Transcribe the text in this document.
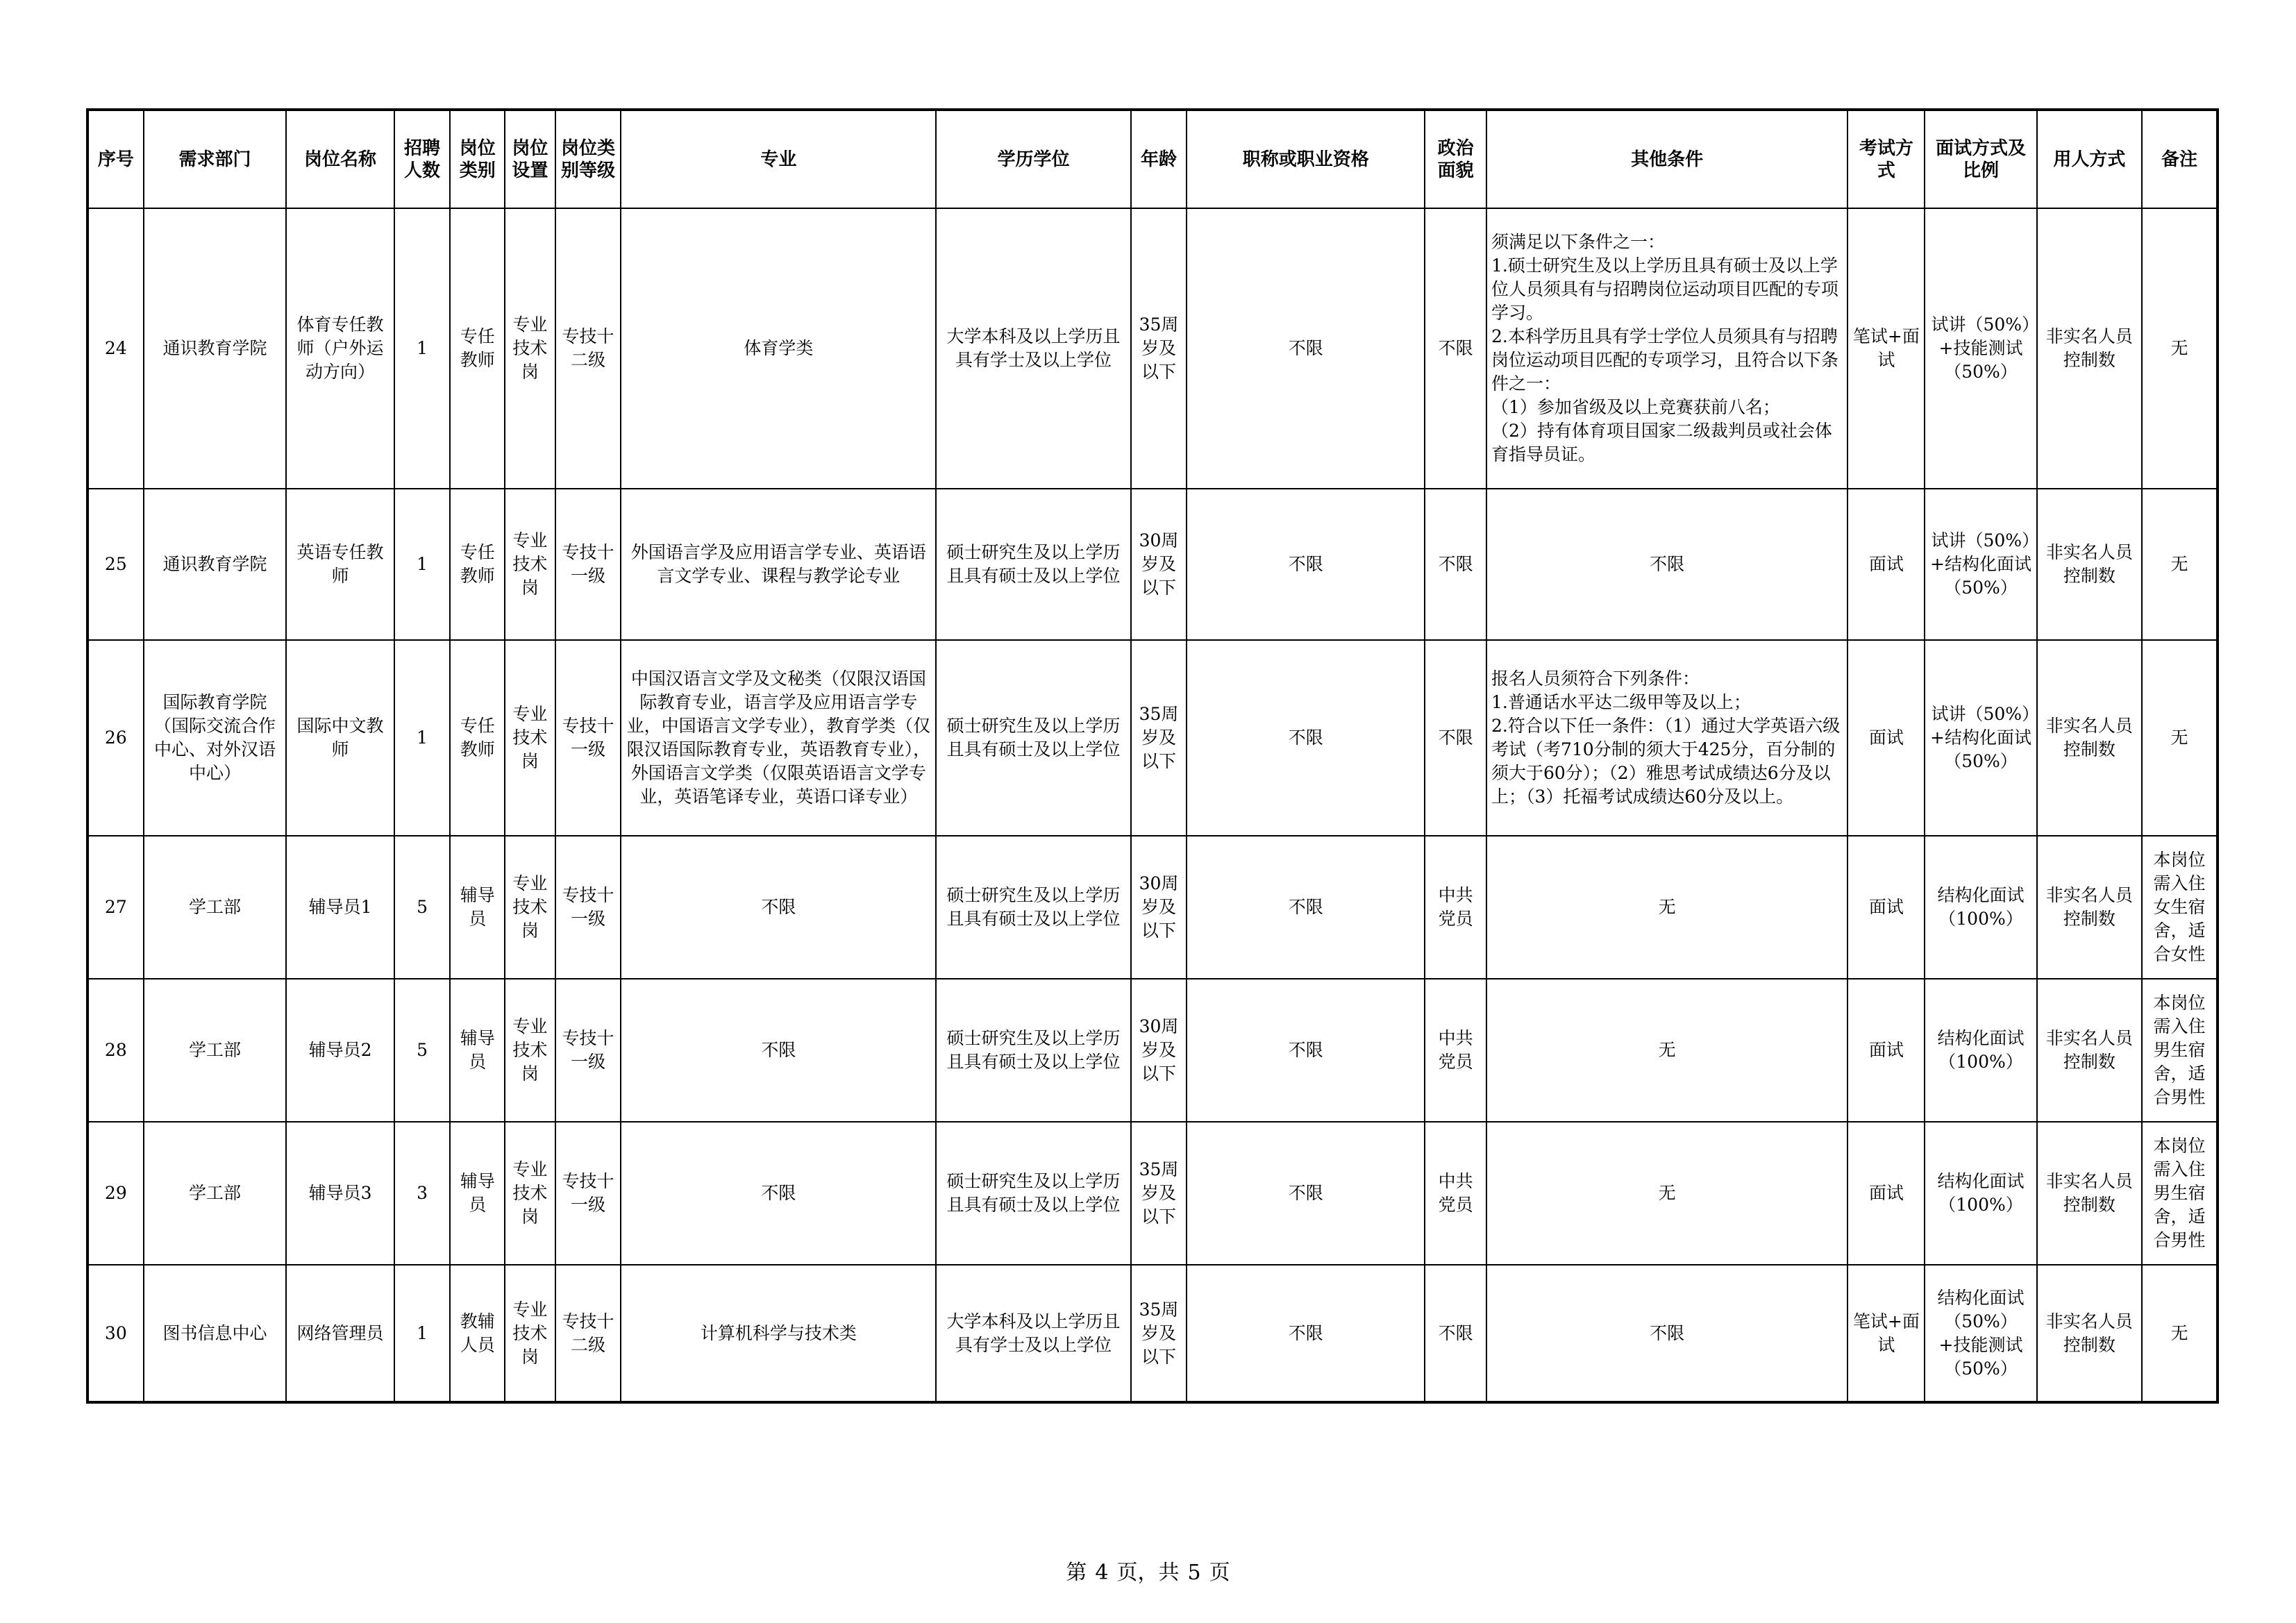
序号	需求部门	岗位名称	招聘人数	岗位类别	岗位设置	岗位类别等级	专业	学历学位	年龄	职称或职业资格	政治面貌	其他条件	考试方式	面试方式及比例	用人方式	备注
24	通识教育学院	体育专任教师（户外运动方向）	1	专任教师	专业技术岗	专技十二级	体育学类	大学本科及以上学历且具有学士及以上学位	35周岁及以下	不限	不限	须满足以下条件之一：
1.硕士研究生及以上学历且具有硕士及以上学位人员须具有与招聘岗位运动项目匹配的专项学习。
2.本科学历且具有学士学位人员须具有与招聘岗位运动项目匹配的专项学习，且符合以下条件之一：
（1）参加省级及以上竞赛获前八名；
（2）持有体育项目国家二级裁判员或社会体育指导员证。	笔试+面试	试讲（50%）+技能测试（50%）	非实名人员控制数	无
25	通识教育学院	英语专任教师	1	专任教师	专业技术岗	专技十一级	外国语言学及应用语言学专业、英语语言文学专业、课程与教学论专业	硕士研究生及以上学历且具有硕士及以上学位	30周岁及以下	不限	不限	不限	面试	试讲（50%）+结构化面试（50%）	非实名人员控制数	无
26	国际教育学院（国际交流合作中心、对外汉语中心）	国际中文教师	1	专任教师	专业技术岗	专技十一级	中国汉语言文学及文秘类（仅限汉语国际教育专业，语言学及应用语言学专业，中国语言文学专业），教育学类（仅限汉语国际教育专业，英语教育专业），外国语言文学类（仅限英语语言文学专业，英语笔译专业，英语口译专业）	硕士研究生及以上学历且具有硕士及以上学位	35周岁及以下	不限	不限	报名人员须符合下列条件：
1.普通话水平达二级甲等及以上；
2.符合以下任一条件：（1）通过大学英语六级考试（考710分制的须大于425分，百分制的须大于60分）；（2）雅思考试成绩达6分及以上；（3）托福考试成绩达60分及以上。	面试	试讲（50%）+结构化面试（50%）	非实名人员控制数	无
27	学工部	辅导员1	5	辅导员	专业技术岗	专技十一级	不限	硕士研究生及以上学历且具有硕士及以上学位	30周岁及以下	不限	中共党员	无	面试	结构化面试（100%）	非实名人员控制数	本岗位需入住女生宿舍，适合女性
28	学工部	辅导员2	5	辅导员	专业技术岗	专技十一级	不限	硕士研究生及以上学历且具有硕士及以上学位	30周岁及以下	不限	中共党员	无	面试	结构化面试（100%）	非实名人员控制数	本岗位需入住男生宿舍，适合男性
29	学工部	辅导员3	3	辅导员	专业技术岗	专技十一级	不限	硕士研究生及以上学历且具有硕士及以上学位	35周岁及以下	不限	中共党员	无	面试	结构化面试（100%）	非实名人员控制数	本岗位需入住男生宿舍，适合男性
30	图书信息中心	网络管理员	1	教辅人员	专业技术岗	专技十二级	计算机科学与技术类	大学本科及以上学历且具有学士及以上学位	35周岁及以下	不限	不限	不限	笔试+面试	结构化面试（50%）+技能测试（50%）	非实名人员控制数	无
第 4 页，共 5 页
